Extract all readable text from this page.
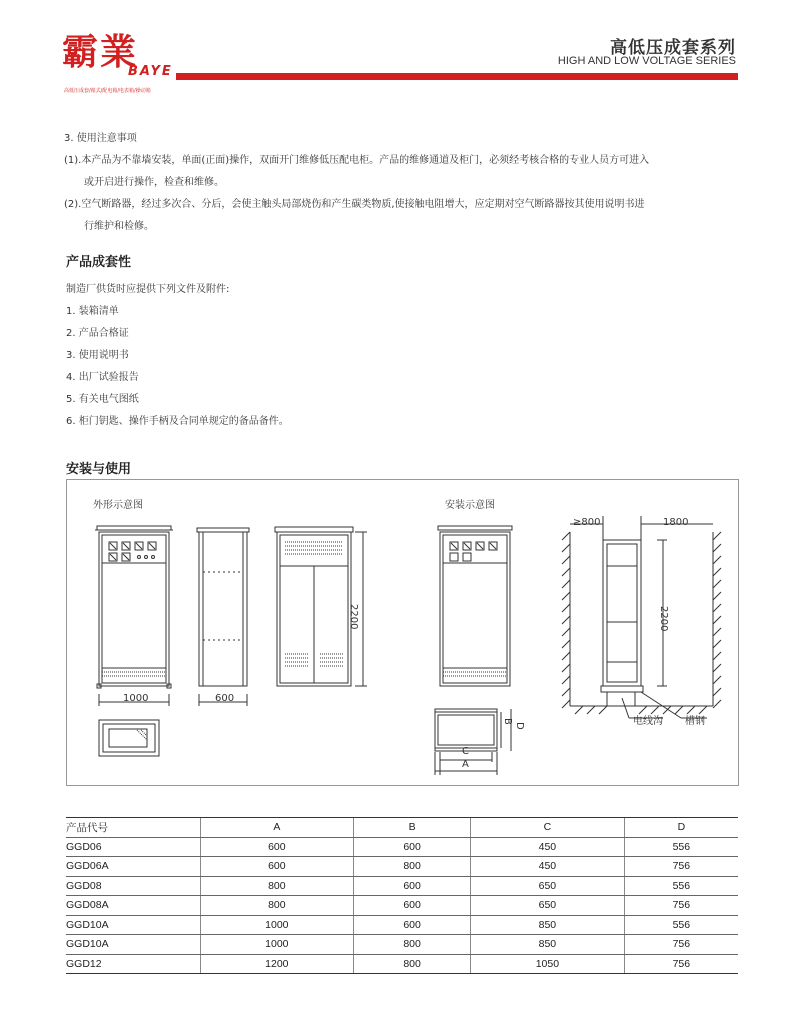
霸業
BAYE
高低压成套/箱式/配电箱/电表箱/操动箱
高低压成套系列
HIGH AND LOW VOLTAGE SERIES
3. 使用注意事项
(1).本产品为不靠墙安装，单面(正面)操作，双面开门维修低压配电柜。产品的维修通道及柜门，必须经考核合格的专业人员方可进入
或开启进行操作，检查和维修。
(2).空气断路器，经过多次合、分后，会使主触头局部烧伤和产生碳类物质,使接触电阻增大，应定期对空气断路器按其使用说明书进
行维护和检修。
产品成套性
制造厂供货时应提供下列文件及附件:
1. 装箱清单
2. 产品合格证
3. 使用说明书
4. 出厂试验报告
5. 有关电气图纸
6. 柜门钥匙、操作手柄及合同单规定的备品备件。
安装与使用
外形示意图	安装示意图
1000	600
2200
≥800	1800
2200
B
D
C
A
电线沟 槽钢
产品代号	A	B	C	D
GGD06	600	600	450	556
GGD06A	600	800	450	756
GGD08	800	600	650	556
GGD08A	800	600	650	756
GGD10A	1000	600	850	556
GGD10A	1000	800	850	756
GGD12	1200	800	1050	756
